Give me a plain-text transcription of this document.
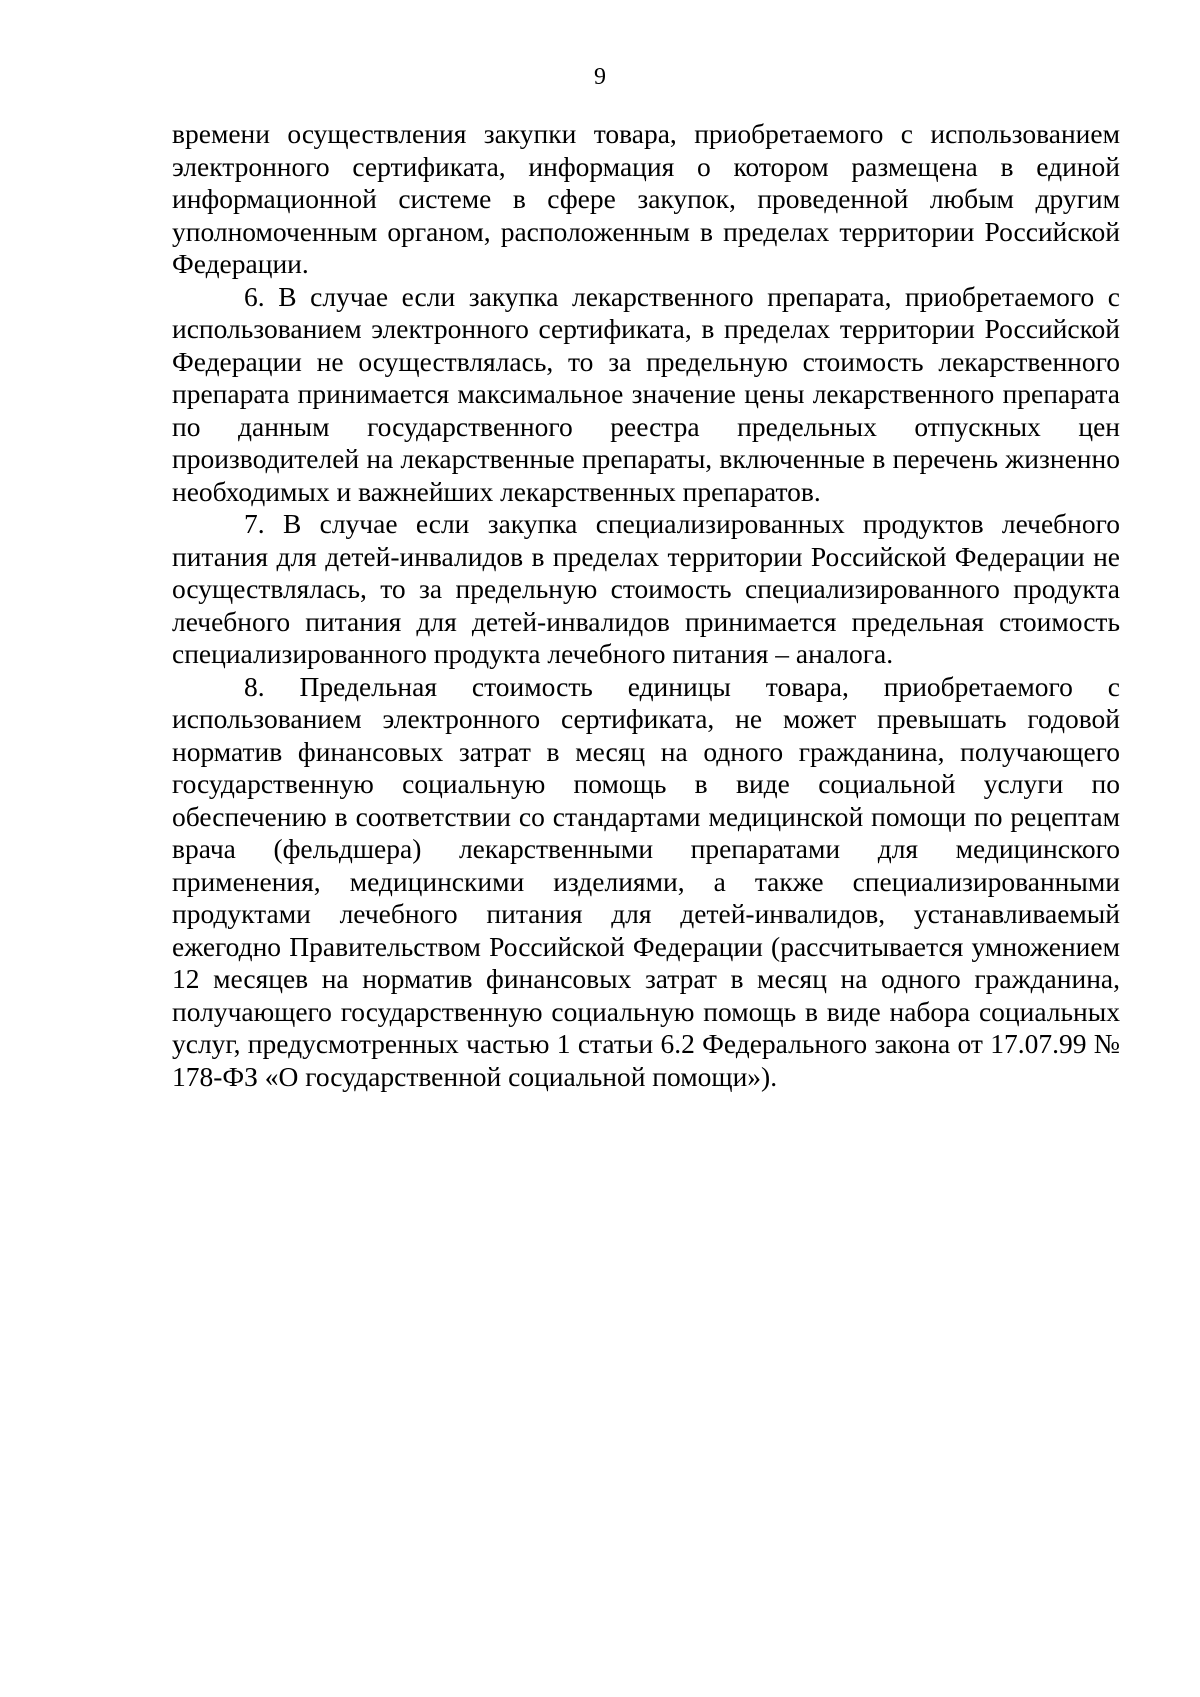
9

времени осуществления закупки товара, приобретаемого с использованием электронного сертификата, информация о котором размещена в единой информационной системе в сфере закупок, проведенной любым другим уполномоченным органом, расположенным в пределах территории Российской Федерации.

6. В случае если закупка лекарственного препарата, приобретаемого с использованием электронного сертификата, в пределах территории Российской Федерации не осуществлялась, то за предельную стоимость лекарственного препарата принимается максимальное значение цены лекарственного препарата по данным государственного реестра предельных отпускных цен производителей на лекарственные препараты, включенные в перечень жизненно необходимых и важнейших лекарственных препаратов.

7. В случае если закупка специализированных продуктов лечебного питания для детей-инвалидов в пределах территории Российской Федерации не осуществлялась, то за предельную стоимость специализированного продукта лечебного питания для детей-инвалидов принимается предельная стоимость специализированного продукта лечебного питания – аналога.

8. Предельная стоимость единицы товара, приобретаемого с использованием электронного сертификата, не может превышать годовой норматив финансовых затрат в месяц на одного гражданина, получающего государственную социальную помощь в виде социальной услуги по обеспечению в соответствии со стандартами медицинской помощи по рецептам врача (фельдшера) лекарственными препаратами для медицинского применения, медицинскими изделиями, а также специализированными продуктами лечебного питания для детей-инвалидов, устанавливаемый ежегодно Правительством Российской Федерации (рассчитывается умножением 12 месяцев на норматив финансовых затрат в месяц на одного гражданина, получающего государственную социальную помощь в виде набора социальных услуг, предусмотренных частью 1 статьи 6.2 Федерального закона от 17.07.99 № 178-ФЗ «О государственной социальной помощи»).
